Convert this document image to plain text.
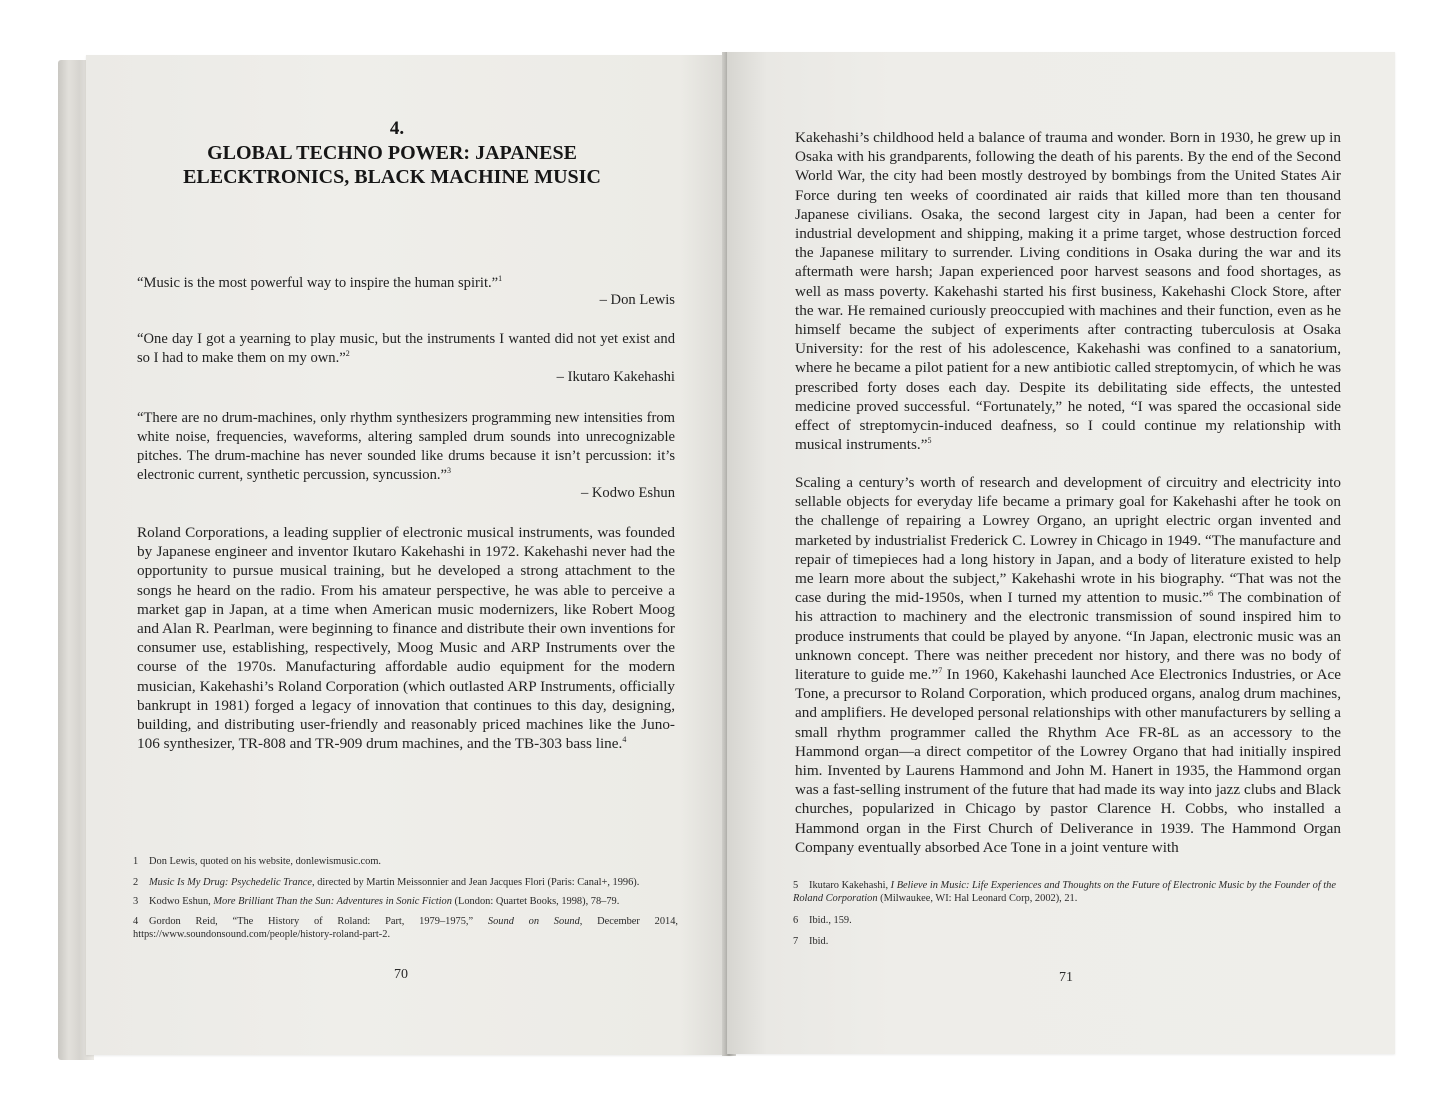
4.
GLOBAL TECHNO POWER: JAPANESE
ELECKTRONICS, BLACK MACHINE MUSIC
“Music is the most powerful way to inspire the human spirit.”$^1$
– Don Lewis
“One day I got a yearning to play music, but the instruments I wanted did not yet exist and so I had to make them on my own.”$^2$
– Ikutaro Kakehashi
“There are no drum-machines, only rhythm synthesizers programming new intensities from white noise, frequencies, waveforms, altering sampled drum sounds into unrecognizable pitches. The drum-machine has never sounded like drums because it isn’t percussion: it’s electronic current, synthetic percussion, syncussion.”$^3$
– Kodwo Eshun
Roland Corporations, a leading supplier of electronic musical instruments, was founded by Japanese engineer and inventor Ikutaro Kakehashi in 1972. Kakehashi never had the opportunity to pursue musical training, but he developed a strong attachment to the songs he heard on the radio. From his amateur perspective, he was able to perceive a market gap in Japan, at a time when American music modernizers, like Robert Moog and Alan R. Pearlman, were beginning to finance and distribute their own inventions for consumer use, establishing, respectively, Moog Music and ARP Instruments over the course of the 1970s. Manufacturing affordable audio equipment for the modern musician, Kakehashi’s Roland Corporation (which outlasted ARP Instruments, officially bankrupt in 1981) forged a legacy of innovation that continues to this day, designing, building, and distributing user-friendly and reasonably priced machines like the Juno-106 synthesizer, TR-808 and TR-909 drum machines, and the TB-303 bass line.$^4$
1 Don Lewis, quoted on his website, donlewismusic.com.
2 Music Is My Drug: Psychedelic Trance, directed by Martin Meissonnier and Jean Jacques Flori (Paris: Canal+, 1996).
3 Kodwo Eshun, More Brilliant Than the Sun: Adventures in Sonic Fiction (London: Quartet Books, 1998), 78–79.
4 Gordon Reid, “The History of Roland: Part, 1979–1975,” Sound on Sound, December 2014, https://www.soundonsound.com/people/history-roland-part-2.
70
Kakehashi’s childhood held a balance of trauma and wonder. Born in 1930, he grew up in Osaka with his grandparents, following the death of his parents. By the end of the Second World War, the city had been mostly destroyed by bombings from the United States Air Force during ten weeks of coordinated air raids that killed more than ten thousand Japanese civilians. Osaka, the second largest city in Japan, had been a center for industrial development and shipping, making it a prime target, whose destruction forced the Japanese military to surrender. Living conditions in Osaka during the war and its aftermath were harsh; Japan experienced poor harvest seasons and food shortages, as well as mass poverty. Kakehashi started his first business, Kakehashi Clock Store, after the war. He remained curiously preoccupied with machines and their function, even as he himself became the subject of experiments after contracting tuberculosis at Osaka University: for the rest of his adolescence, Kakehashi was confined to a sanatorium, where he became a pilot patient for a new antibiotic called streptomycin, of which he was prescribed forty doses each day. Despite its debilitating side effects, the untested medicine proved successful. “Fortunately,” he noted, “I was spared the occasional side effect of streptomycin-induced deafness, so I could continue my relationship with musical instruments.”$^5$
Scaling a century’s worth of research and development of circuitry and electricity into sellable objects for everyday life became a primary goal for Kakehashi after he took on the challenge of repairing a Lowrey Organo, an upright electric organ invented and marketed by industrialist Frederick C. Lowrey in Chicago in 1949. “The manufacture and repair of timepieces had a long history in Japan, and a body of literature existed to help me learn more about the subject,” Kakehashi wrote in his biography. “That was not the case during the mid-1950s, when I turned my attention to music.”$^6$ The combination of his attraction to machinery and the electronic transmission of sound inspired him to produce instruments that could be played by anyone. “In Japan, electronic music was an unknown concept. There was neither precedent nor history, and there was no body of literature to guide me.”$^7$ In 1960, Kakehashi launched Ace Electronics Industries, or Ace Tone, a precursor to Roland Corporation, which produced organs, analog drum machines, and amplifiers. He developed personal relationships with other manufacturers by selling a small rhythm programmer called the Rhythm Ace FR-8L as an accessory to the Hammond organ—a direct competitor of the Lowrey Organo that had initially inspired him. Invented by Laurens Hammond and John M. Hanert in 1935, the Hammond organ was a fast-selling instrument of the future that had made its way into jazz clubs and Black churches, popularized in Chicago by pastor Clarence H. Cobbs, who installed a Hammond organ in the First Church of Deliverance in 1939. The Hammond Organ Company eventually absorbed Ace Tone in a joint venture with
5 Ikutaro Kakehashi, I Believe in Music: Life Experiences and Thoughts on the Future of Electronic Music by the Founder of the Roland Corporation (Milwaukee, WI: Hal Leonard Corp, 2002), 21.
6 Ibid., 159.
7 Ibid.
71
